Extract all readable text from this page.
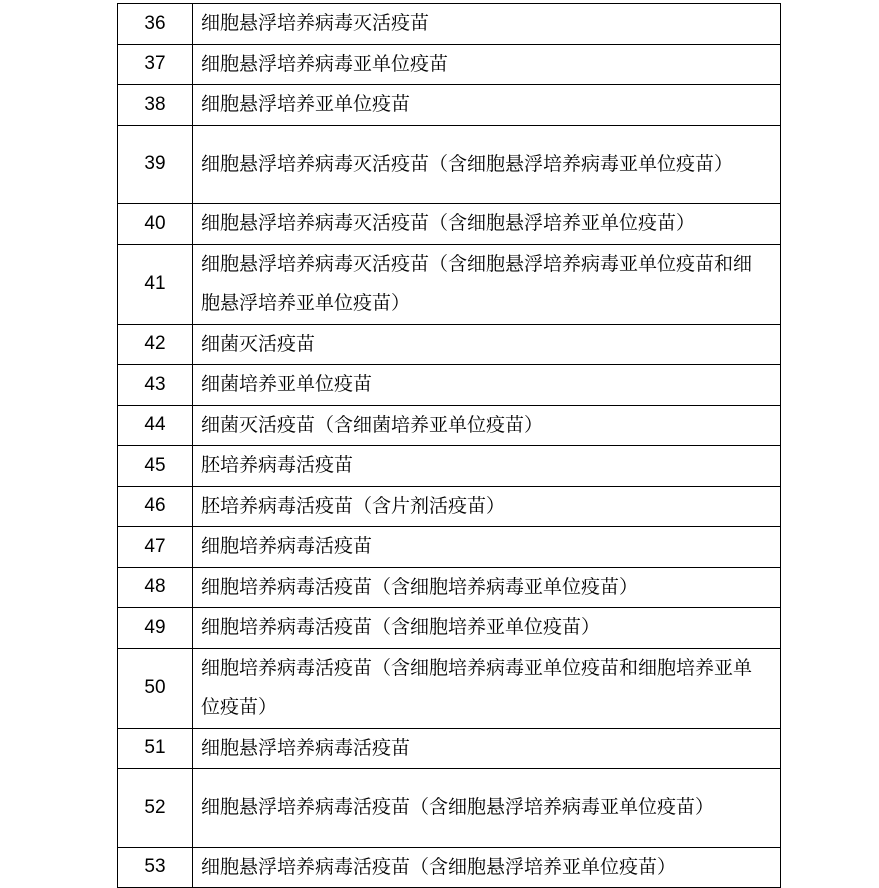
36	细胞悬浮培养病毒灭活疫苗
37	细胞悬浮培养病毒亚单位疫苗
38	细胞悬浮培养亚单位疫苗
39	细胞悬浮培养病毒灭活疫苗（含细胞悬浮培养病毒亚单位疫苗）
40	细胞悬浮培养病毒灭活疫苗（含细胞悬浮培养亚单位疫苗）
41	细胞悬浮培养病毒灭活疫苗（含细胞悬浮培养病毒亚单位疫苗和细胞悬浮培养亚单位疫苗）
42	细菌灭活疫苗
43	细菌培养亚单位疫苗
44	细菌灭活疫苗（含细菌培养亚单位疫苗）
45	胚培养病毒活疫苗
46	胚培养病毒活疫苗（含片剂活疫苗）
47	细胞培养病毒活疫苗
48	细胞培养病毒活疫苗（含细胞培养病毒亚单位疫苗）
49	细胞培养病毒活疫苗（含细胞培养亚单位疫苗）
50	细胞培养病毒活疫苗（含细胞培养病毒亚单位疫苗和细胞培养亚单位疫苗）
51	细胞悬浮培养病毒活疫苗
52	细胞悬浮培养病毒活疫苗（含细胞悬浮培养病毒亚单位疫苗）
53	细胞悬浮培养病毒活疫苗（含细胞悬浮培养亚单位疫苗）
